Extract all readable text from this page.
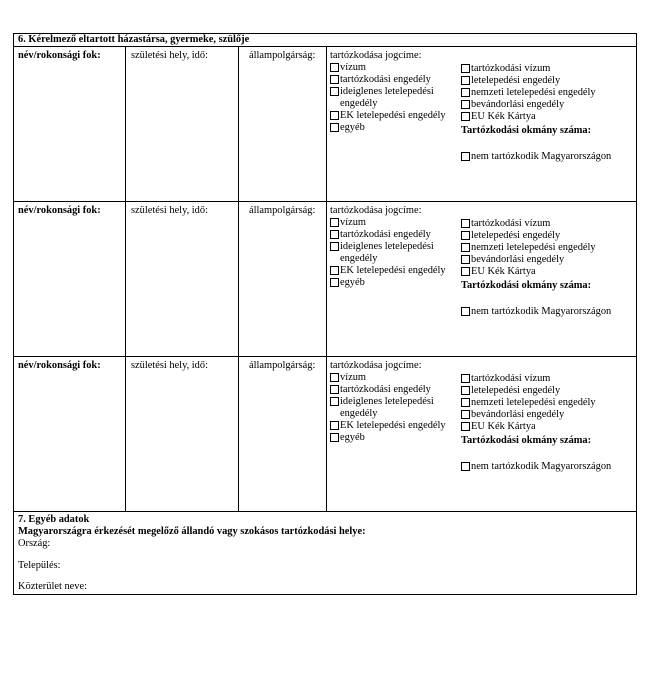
6. Kérelmező eltartott házastársa, gyermeke, szülője
név/rokonsági fok:	születési hely, idő:	állampolgárság: tartózkodása jogcíme:
vízum
tartózkodási engedély
ideiglenes letelepedési engedély
EK letelepedési engedély
egyéb
tartózkodási vízum
letelepedési engedély
nemzeti letelepedési engedély
bevándorlási engedély
EU Kék Kártya
Tartózkodási okmány száma:
nem tartózkodik Magyarországon
név/rokonsági fok:	születési hely, idő:	állampolgárság: tartózkodása jogcíme:
vízum
tartózkodási engedély
ideiglenes letelepedési engedély
EK letelepedési engedély
egyéb
tartózkodási vízum
letelepedési engedély
nemzeti letelepedési engedély
bevándorlási engedély
EU Kék Kártya
Tartózkodási okmány száma:
nem tartózkodik Magyarországon
név/rokonsági fok:	születési hely, idő:	állampolgárság: tartózkodása jogcíme:
vízum
tartózkodási engedély
ideiglenes letelepedési engedély
EK letelepedési engedély
egyéb
tartózkodási vízum
letelepedési engedély
nemzeti letelepedési engedély
bevándorlási engedély
EU Kék Kártya
Tartózkodási okmány száma:
nem tartózkodik Magyarországon
7. Egyéb adatok
Magyarországra érkezését megelőző állandó vagy szokásos tartózkodási helye:
Ország:
Település:
Közterület neve:
